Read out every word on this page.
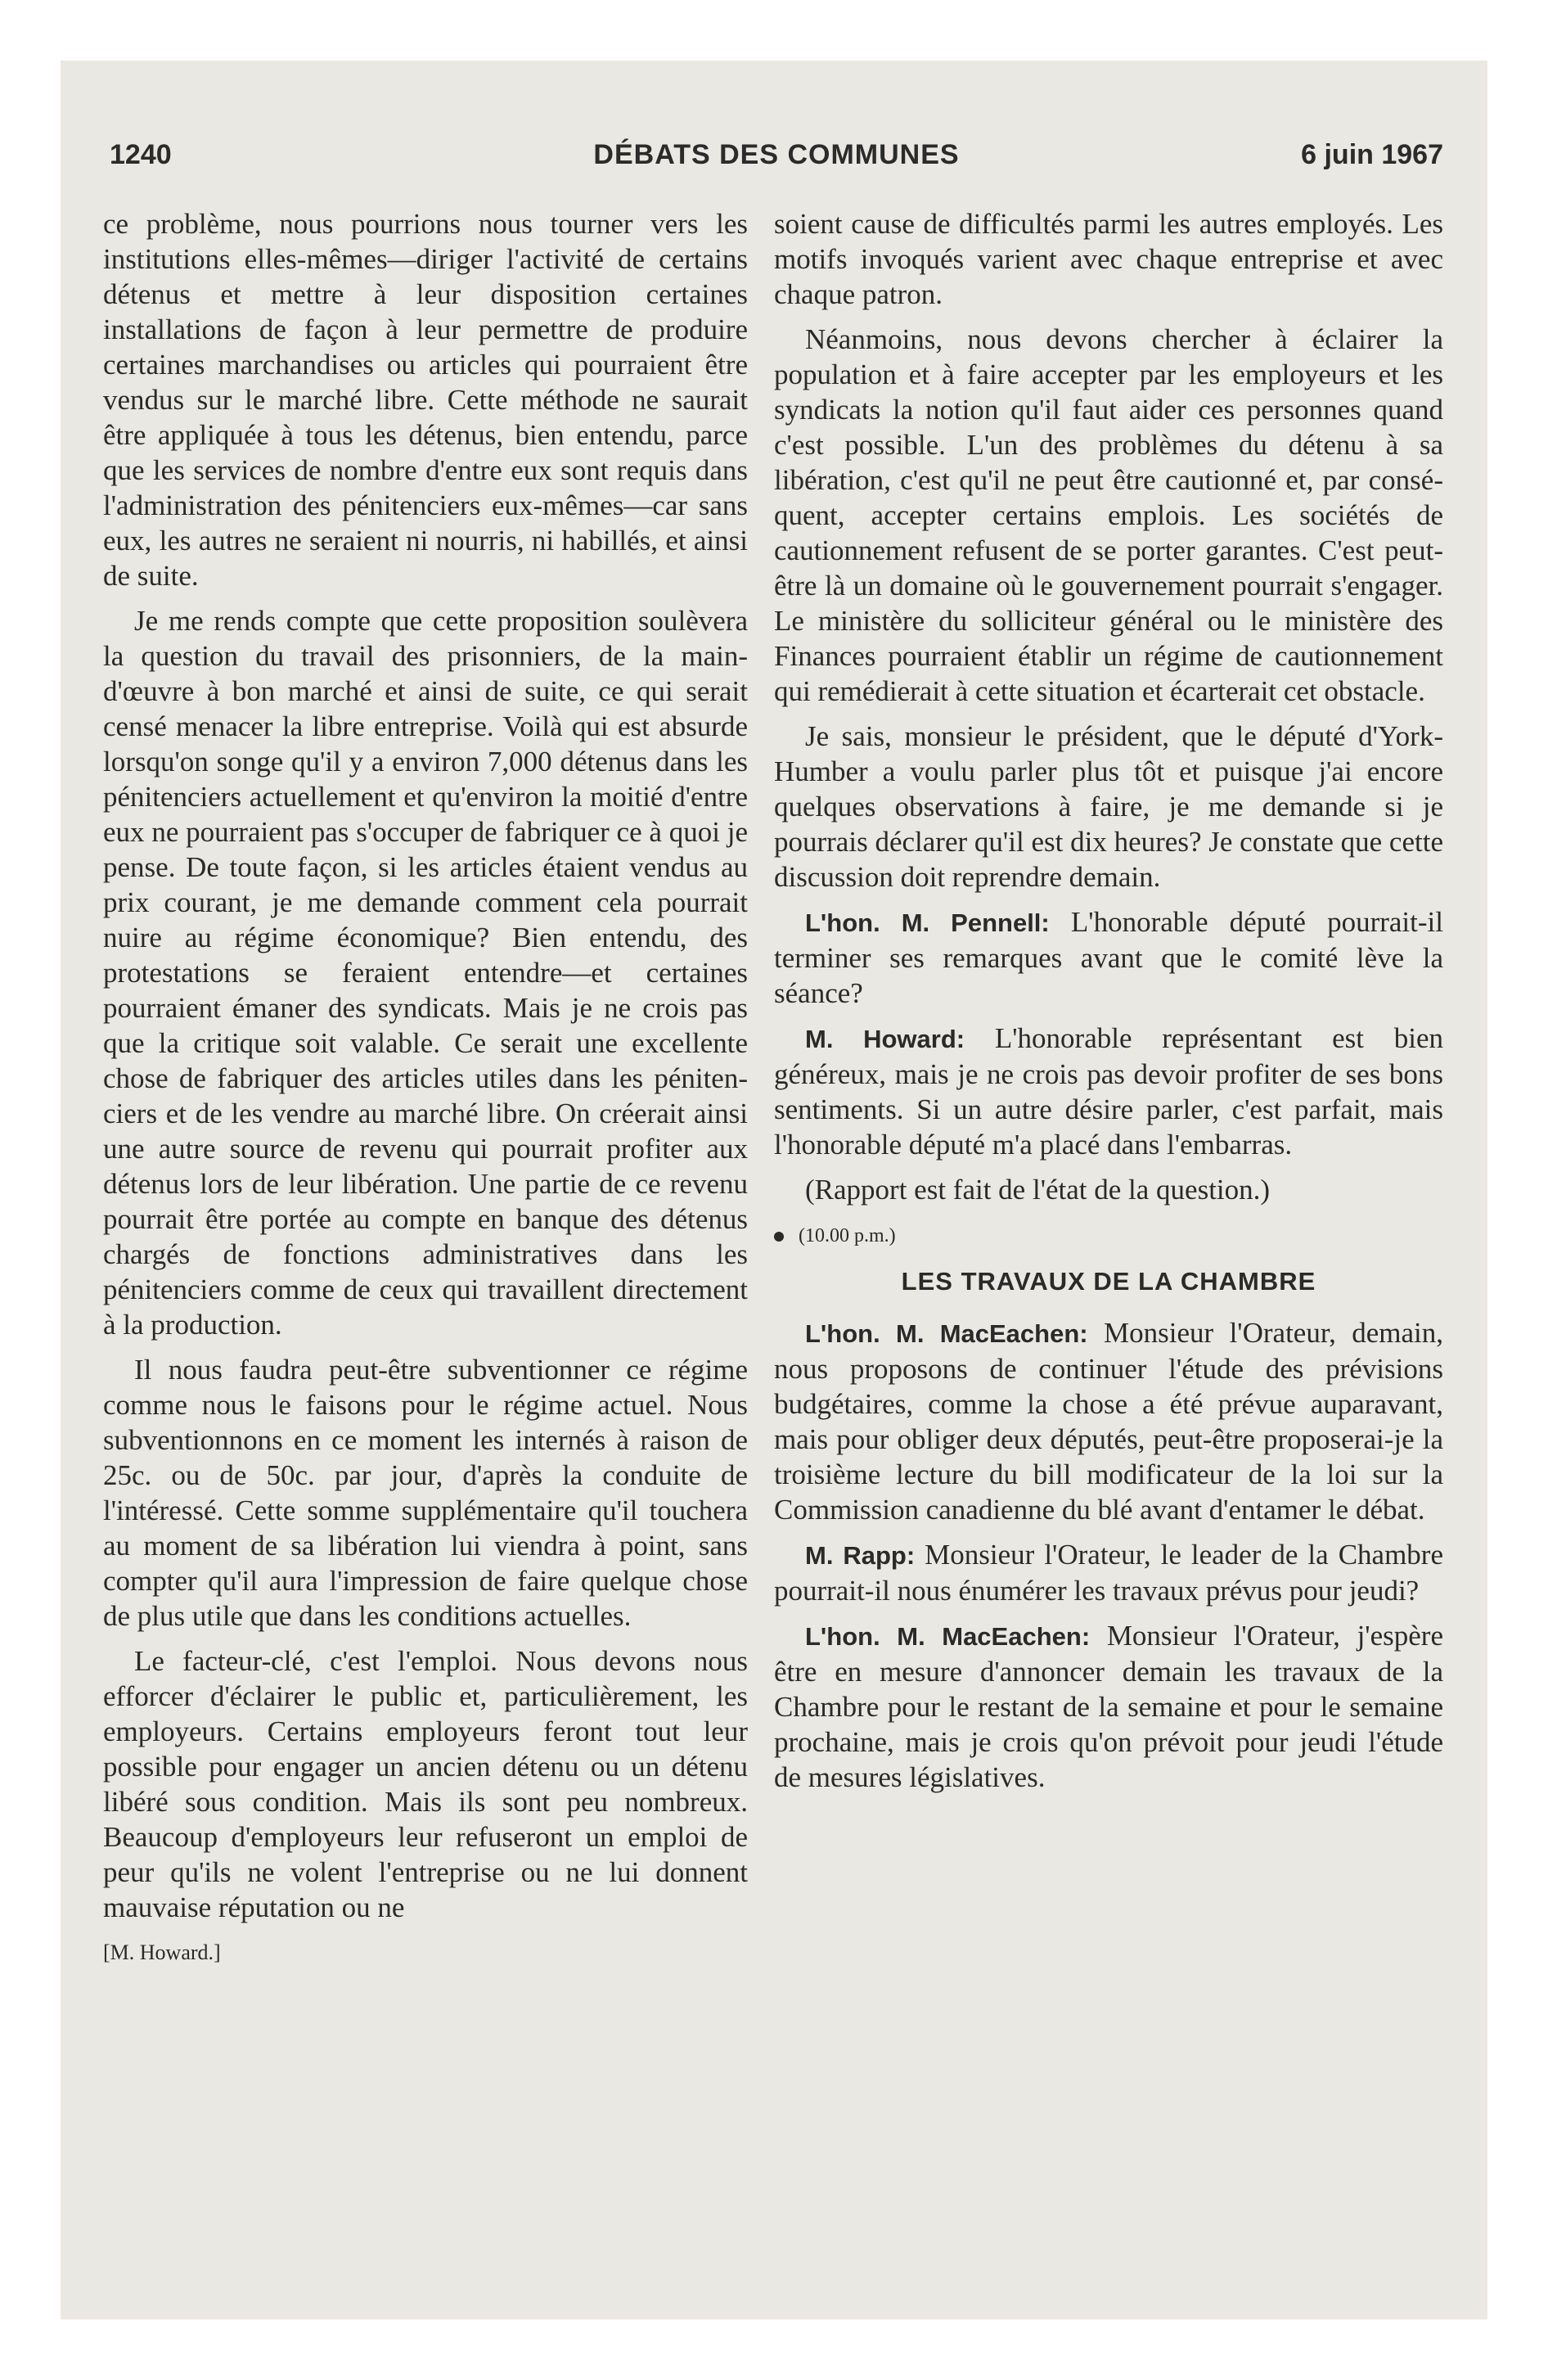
1240	DÉBATS DES COMMUNES	6 juin 1967

ce problème, nous pourrions nous tourner vers les institutions elles-mêmes—diriger l'activité de certains détenus et mettre à leur disposition certaines installations de façon à leur permettre de produire certaines marchandises ou articles qui pourraient être vendus sur le marché libre. Cette méthode ne saurait être appliquée à tous les détenus, bien entendu, parce que les services de nombre d'entre eux sont requis dans l'administration des pénitenciers eux-mêmes—car sans eux, les autres ne seraient ni nourris, ni habillés, et ainsi de suite.

Je me rends compte que cette proposition soulèvera la question du travail des prisonniers, de la main-d'œuvre à bon marché et ainsi de suite, ce qui serait censé menacer la libre entreprise. Voilà qui est absurde lorsqu'on songe qu'il y a environ 7,000 détenus dans les pénitenciers actuellement et qu'environ la moitié d'entre eux ne pourraient pas s'occuper de fabriquer ce à quoi je pense. De toute façon, si les articles étaient vendus au prix courant, je me demande comment cela pourrait nuire au régime économique? Bien entendu, des protestations se feraient entendre—et certaines pourraient émaner des syndicats. Mais je ne crois pas que la critique soit valable. Ce serait une excellente chose de fabriquer des articles utiles dans les pénitenciers et de les vendre au marché libre. On créerait ainsi une autre source de revenu qui pourrait profiter aux détenus lors de leur libération. Une partie de ce revenu pourrait être portée au compte en banque des détenus chargés de fonctions administratives dans les pénitenciers comme de ceux qui travaillent directement à la production.

Il nous faudra peut-être subventionner ce régime comme nous le faisons pour le régime actuel. Nous subventionnons en ce moment les internés à raison de 25c. ou de 50c. par jour, d'après la conduite de l'intéressé. Cette somme supplémentaire qu'il touchera au moment de sa libération lui viendra à point, sans compter qu'il aura l'impression de faire quelque chose de plus utile que dans les conditions actuelles.

Le facteur-clé, c'est l'emploi. Nous devons nous efforcer d'éclairer le public et, particulièrement, les employeurs. Certains employeurs feront tout leur possible pour engager un ancien détenu ou un détenu libéré sous condition. Mais ils sont peu nombreux. Beaucoup d'employeurs leur refuseront un emploi de peur qu'ils ne volent l'entreprise ou ne lui donnent mauvaise réputation ou ne

[M. Howard.]

soient cause de difficultés parmi les autres employés. Les motifs invoqués varient avec chaque entreprise et avec chaque patron.

Néanmoins, nous devons chercher à éclairer la population et à faire accepter par les employeurs et les syndicats la notion qu'il faut aider ces personnes quand c'est possible. L'un des problèmes du détenu à sa libération, c'est qu'il ne peut être cautionné et, par conséquent, accepter certains emplois. Les sociétés de cautionnement refusent de se porter garantes. C'est peut-être là un domaine où le gouvernement pourrait s'engager. Le ministère du solliciteur général ou le ministère des Finances pourraient établir un régime de cautionnement qui remédierait à cette situation et écarterait cet obstacle.

Je sais, monsieur le président, que le député d'York-Humber a voulu parler plus tôt et puisque j'ai encore quelques observations à faire, je me demande si je pourrais déclarer qu'il est dix heures? Je constate que cette discussion doit reprendre demain.

L'hon. M. Pennell: L'honorable député pourrait-il terminer ses remarques avant que le comité lève la séance?

M. Howard: L'honorable représentant est bien généreux, mais je ne crois pas devoir profiter de ses bons sentiments. Si un autre désire parler, c'est parfait, mais l'honorable député m'a placé dans l'embarras.

(Rapport est fait de l'état de la question.)

(10.00 p.m.)

LES TRAVAUX DE LA CHAMBRE

L'hon. M. MacEachen: Monsieur l'Orateur, demain, nous proposons de continuer l'étude des prévisions budgétaires, comme la chose a été prévue auparavant, mais pour obliger deux députés, peut-être proposerai-je la troisième lecture du bill modificateur de la loi sur la Commission canadienne du blé avant d'entamer le débat.

M. Rapp: Monsieur l'Orateur, le leader de la Chambre pourrait-il nous énumérer les travaux prévus pour jeudi?

L'hon. M. MacEachen: Monsieur l'Orateur, j'espère être en mesure d'annoncer demain les travaux de la Chambre pour le restant de la semaine et pour le semaine prochaine, mais je crois qu'on prévoit pour jeudi l'étude de mesures législatives.
